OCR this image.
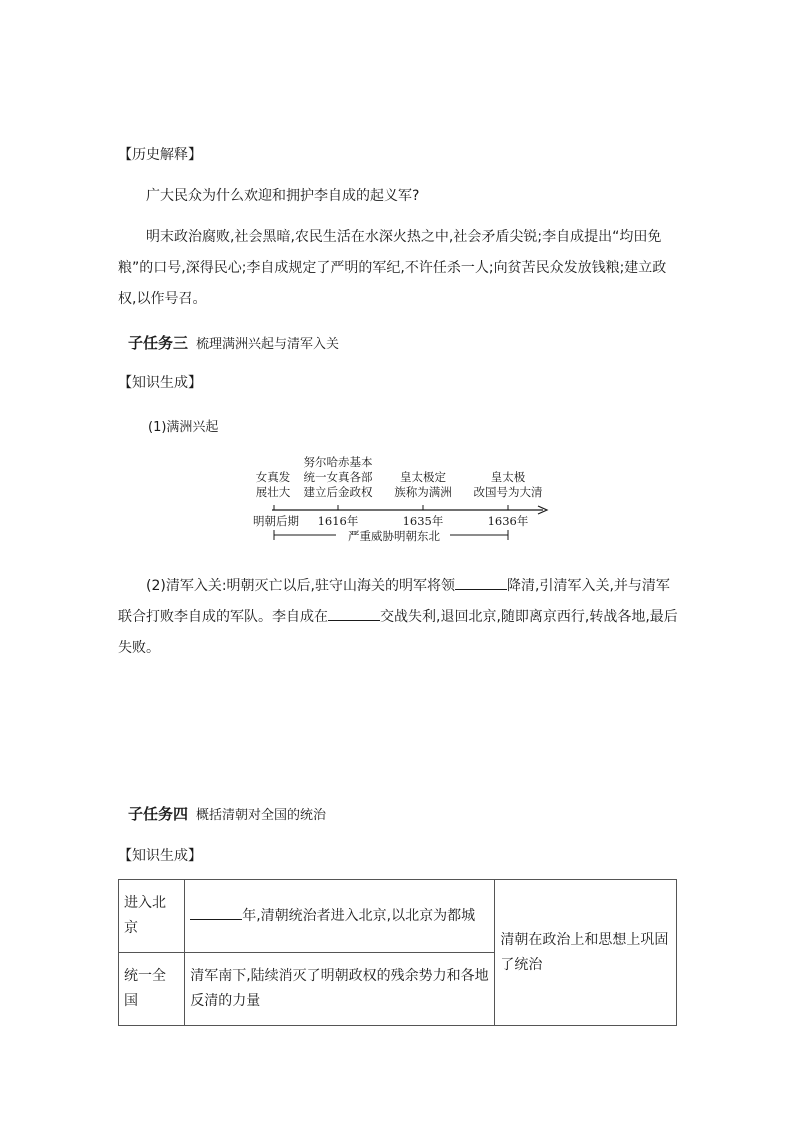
【历史解释】
广大民众为什么欢迎和拥护李自成的起义军?
明末政治腐败,社会黑暗,农民生活在水深火热之中,社会矛盾尖锐;李自成提出“均田免粮”的口号,深得民心;李自成规定了严明的军纪,不许任杀一人;向贫苦民众发放钱粮;建立政权,以作号召。
子任务三 梳理满洲兴起与清军入关
【知识生成】
(1)满洲兴起
女真发
展壮大
努尔哈赤基本
统一女真各部
建立后金政权
皇太极定
族称为满洲
皇太极
改国号为大清
明朝后期	1616年	1635年	1636年
严重威胁明朝东北
(2)清军入关:明朝灭亡以后,驻守山海关的明军将领	降清,引清军入关,并与清军联合打败李自成的军队。李自成在	交战失利,退回北京,随即离京西行,转战各地,最后失败。
子任务四 概括清朝对全国的统治
【知识生成】
进入北京	年,清朝统治者进入北京,以北京为都城	清朝在政治上和思想上巩固了统治
统一全国	清军南下,陆续消灭了明朝政权的残余势力和各地反清的力量	
